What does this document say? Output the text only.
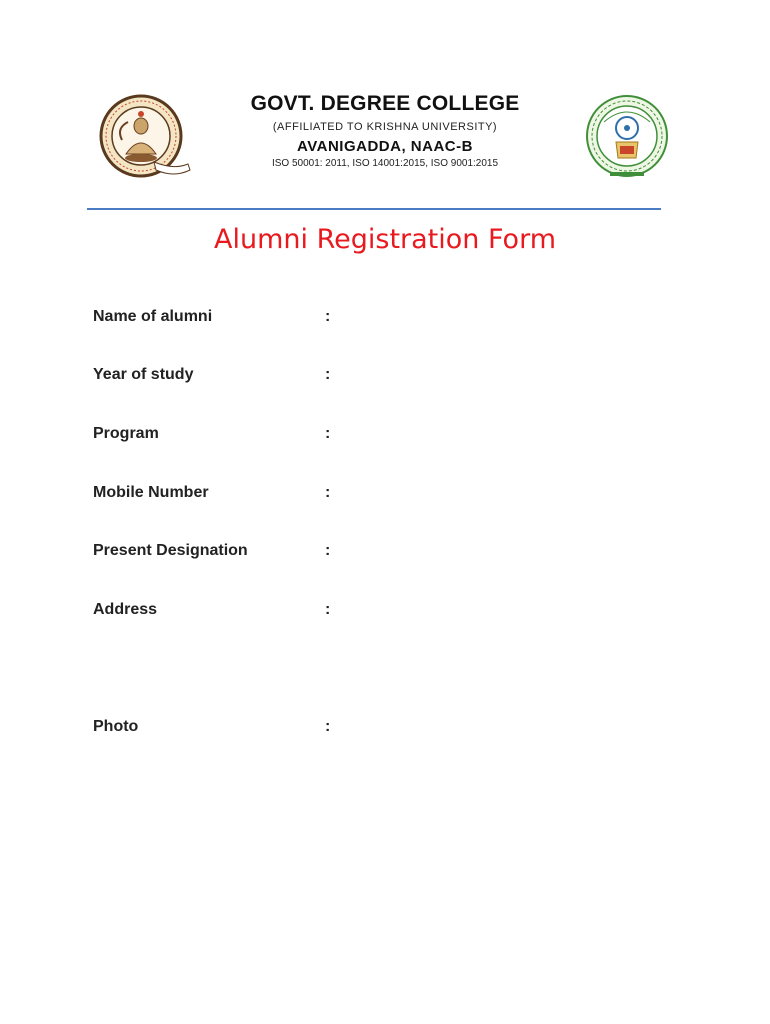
GOVT. DEGREE COLLEGE
(AFFILIATED TO KRISHNA UNIVERSITY)
AVANIGADDA, NAAC-B
ISO 50001: 2011, ISO 14001:2015, ISO 9001:2015
Alumni Registration Form
Name of alumni	:
Year of study	:
Program	:
Mobile Number	:
Present Designation	:
Address	:
Photo	:
